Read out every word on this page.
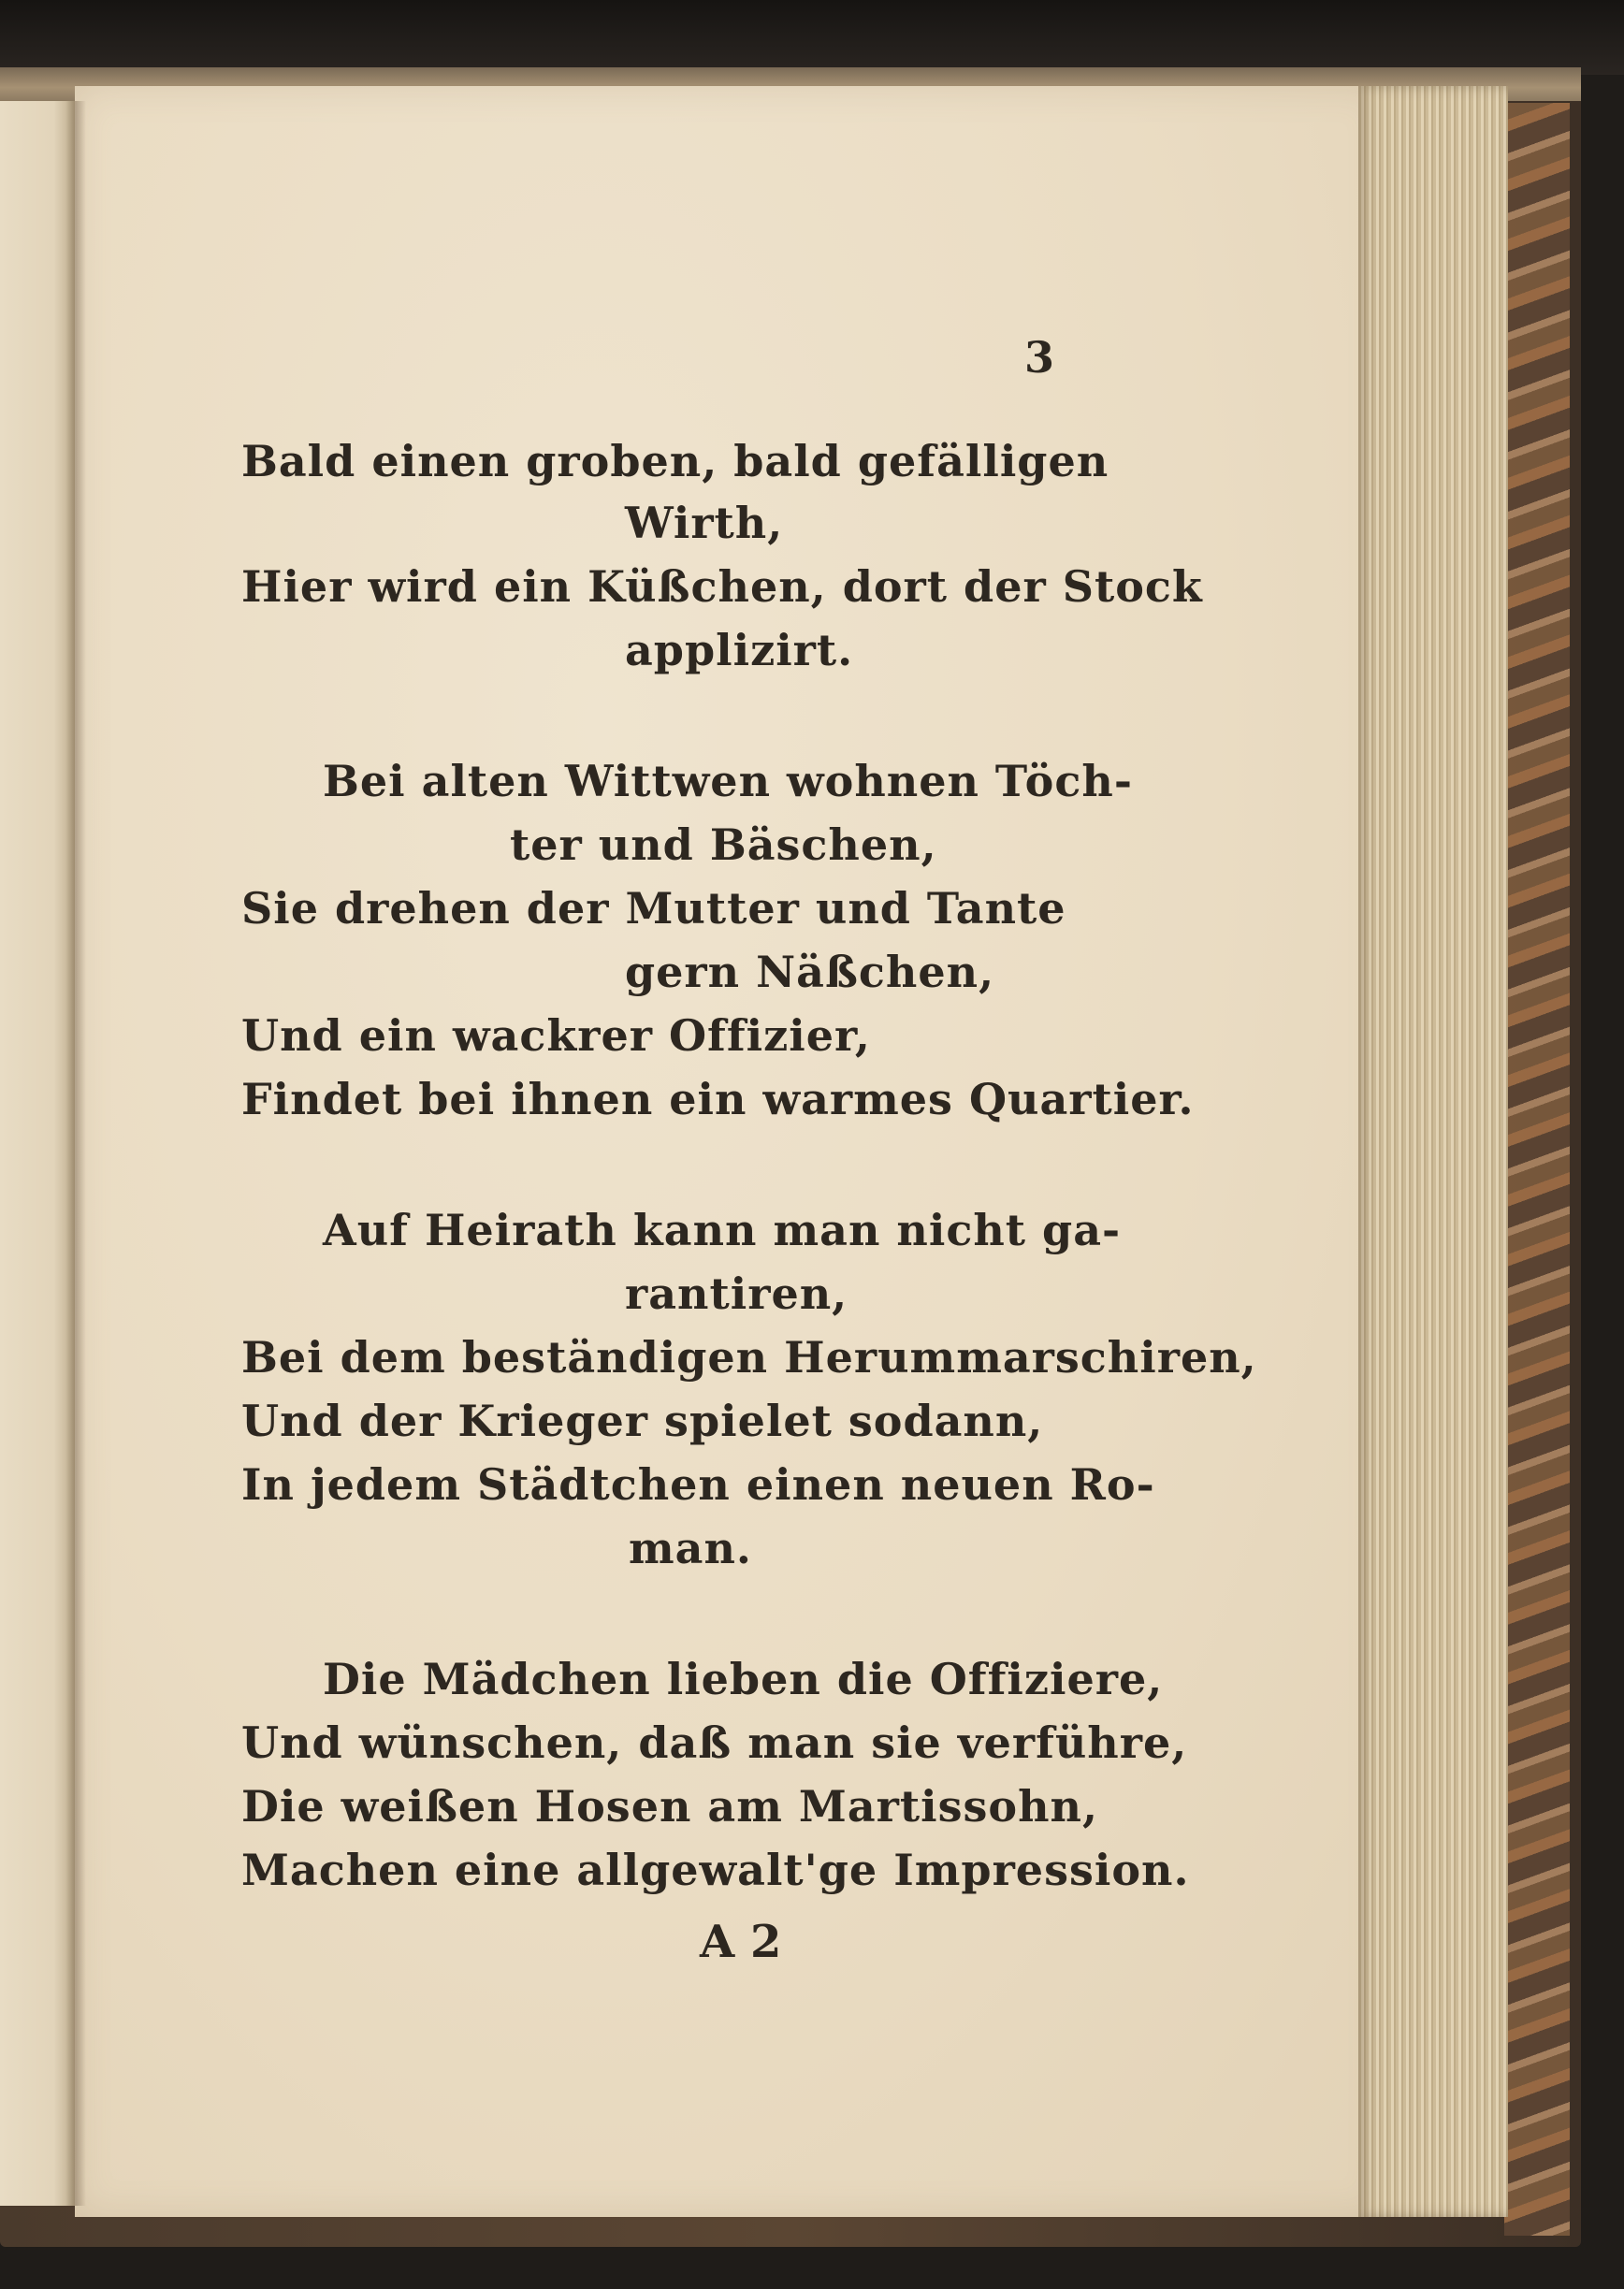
3
Bald einen groben, bald gefälligen
Wirth,
Hier wird ein Küßchen, dort der Stock
applizirt.
Bei alten Wittwen wohnen Töch-
ter und Bäschen,
Sie drehen der Mutter und Tante
gern Näßchen,
Und ein wackrer Offizier,
Findet bei ihnen ein warmes Quartier.
Auf Heirath kann man nicht ga-
rantiren,
Bei dem beständigen Herummarschiren,
Und der Krieger spielet sodann,
In jedem Städtchen einen neuen Ro-
man.
Die Mädchen lieben die Offiziere,
Und wünschen, daß man sie verführe,
Die weißen Hosen am Martissohn,
Machen eine allgewalt'ge Impression.
A 2
